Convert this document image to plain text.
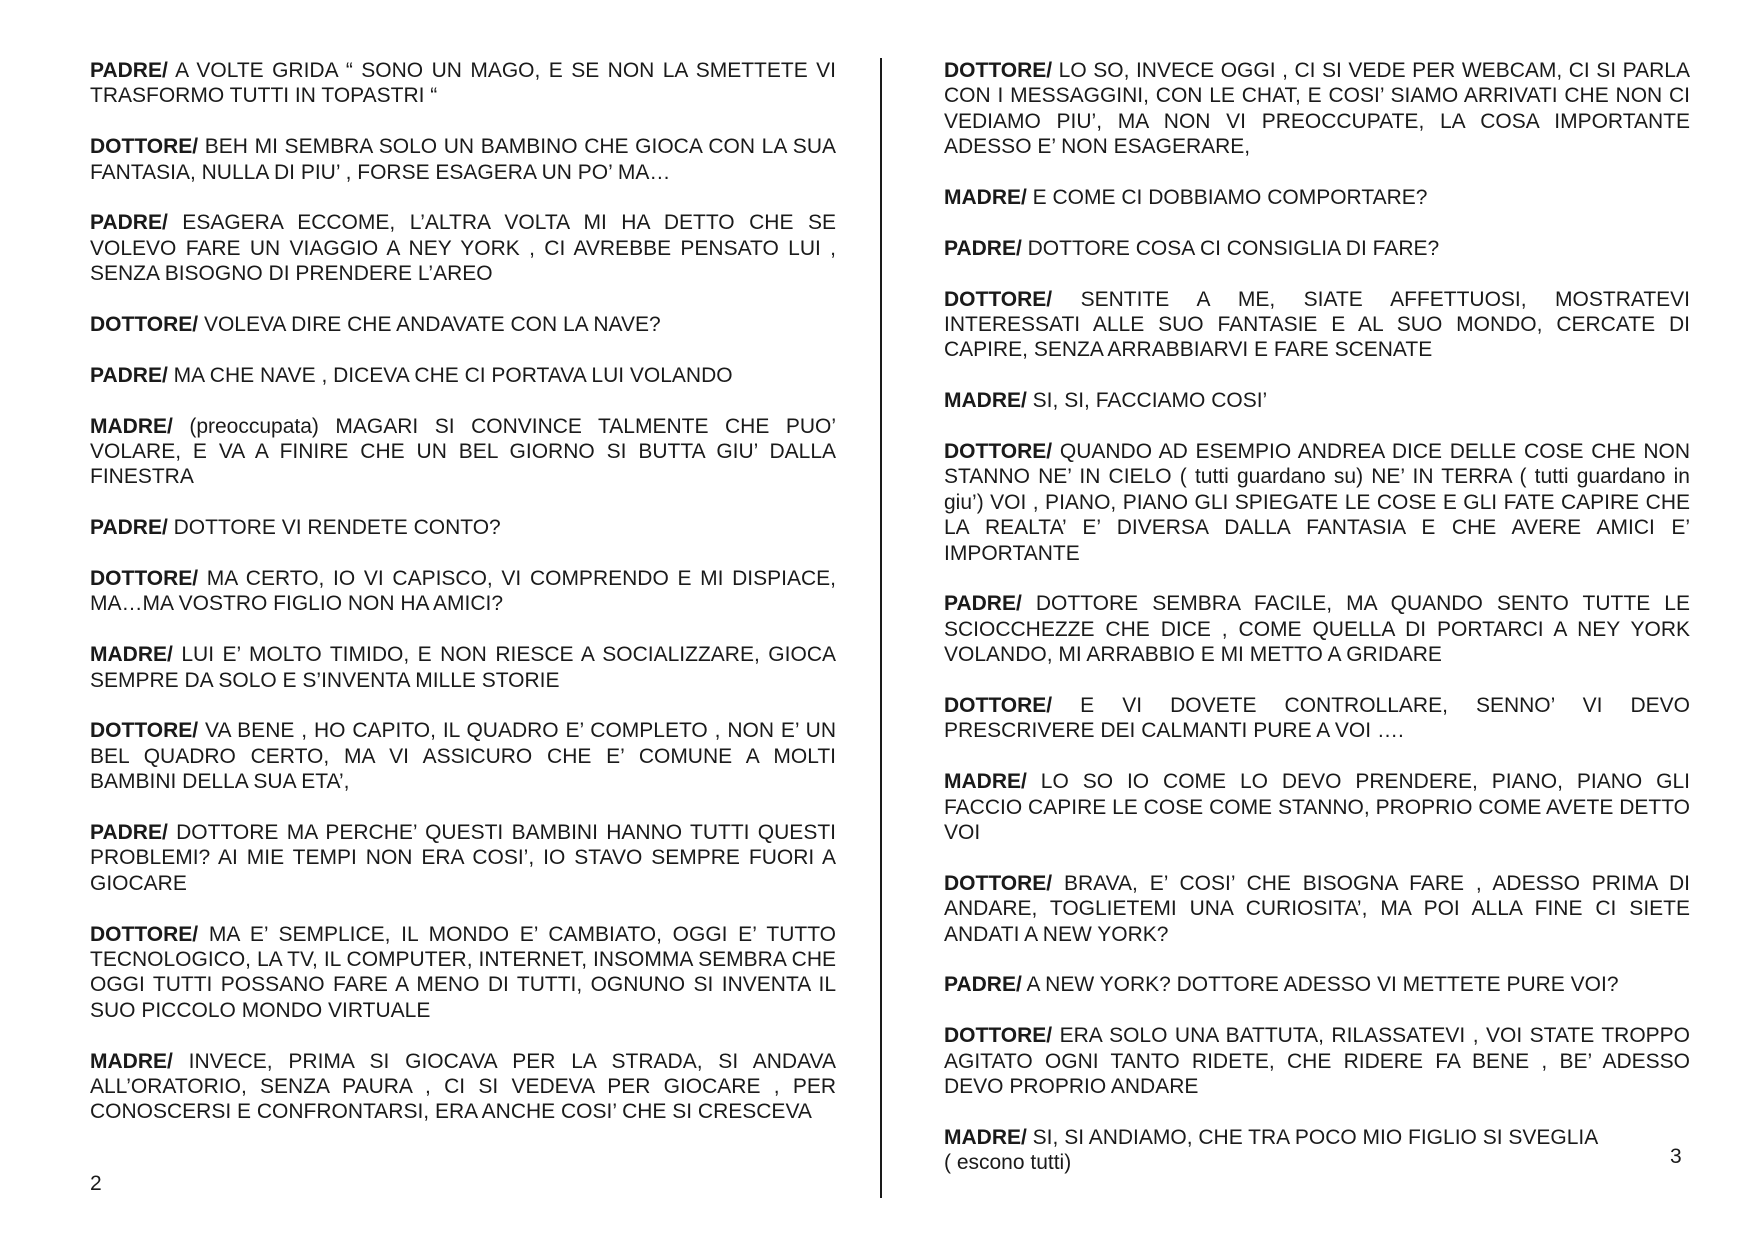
PADRE/ A VOLTE GRIDA “ SONO UN MAGO, E SE NON LA SMETTETE VI TRASFORMO TUTTI IN TOPASTRI “

DOTTORE/ BEH MI SEMBRA SOLO UN BAMBINO CHE GIOCA CON LA SUA FANTASIA, NULLA DI PIU’ , FORSE ESAGERA UN PO’ MA…

PADRE/ ESAGERA ECCOME, L’ALTRA VOLTA MI HA DETTO CHE SE VOLEVO FARE UN VIAGGIO A NEY YORK , CI AVREBBE PENSATO LUI , SENZA BISOGNO DI PRENDERE L’AREO

DOTTORE/ VOLEVA DIRE CHE ANDAVATE CON LA NAVE?

PADRE/ MA CHE NAVE , DICEVA CHE CI PORTAVA LUI VOLANDO

MADRE/ (preoccupata) MAGARI SI CONVINCE TALMENTE CHE PUO’ VOLARE, E VA A FINIRE CHE UN BEL GIORNO SI BUTTA GIU’ DALLA FINESTRA

PADRE/ DOTTORE VI RENDETE CONTO?

DOTTORE/ MA CERTO, IO VI CAPISCO, VI COMPRENDO E MI DISPIACE, MA…MA VOSTRO FIGLIO NON HA AMICI?

MADRE/ LUI E’ MOLTO TIMIDO, E NON RIESCE A SOCIALIZZARE, GIOCA SEMPRE DA SOLO E S’INVENTA MILLE STORIE

DOTTORE/ VA BENE , HO CAPITO, IL QUADRO E’ COMPLETO , NON E’ UN BEL QUADRO CERTO, MA VI ASSICURO CHE E’ COMUNE A MOLTI BAMBINI DELLA SUA ETA’,

PADRE/ DOTTORE MA PERCHE’ QUESTI BAMBINI HANNO TUTTI QUESTI PROBLEMI? AI MIE TEMPI NON ERA COSI’, IO STAVO SEMPRE FUORI A GIOCARE

DOTTORE/ MA E’ SEMPLICE, IL MONDO E’ CAMBIATO, OGGI E’ TUTTO TECNOLOGICO, LA TV, IL COMPUTER, INTERNET, INSOMMA SEMBRA CHE OGGI TUTTI POSSANO FARE A MENO DI TUTTI, OGNUNO SI INVENTA IL SUO PICCOLO MONDO VIRTUALE

MADRE/ INVECE, PRIMA SI GIOCAVA PER LA STRADA, SI ANDAVA ALL’ORATORIO, SENZA PAURA , CI SI VEDEVA PER GIOCARE , PER CONOSCERSI E CONFRONTARSI, ERA ANCHE COSI’ CHE SI CRESCEVA

DOTTORE/ LO SO, INVECE OGGI , CI SI VEDE PER WEBCAM, CI SI PARLA CON I MESSAGGINI, CON LE CHAT, E COSI’ SIAMO ARRIVATI CHE NON CI VEDIAMO PIU’, MA NON VI PREOCCUPATE, LA COSA IMPORTANTE ADESSO E’ NON ESAGERARE,

MADRE/ E COME CI DOBBIAMO COMPORTARE?

PADRE/ DOTTORE COSA CI CONSIGLIA DI FARE?

DOTTORE/ SENTITE A ME, SIATE AFFETTUOSI, MOSTRATEVI INTERESSATI ALLE SUO FANTASIE E AL SUO MONDO, CERCATE DI CAPIRE, SENZA ARRABBIARVI E FARE SCENATE

MADRE/ SI, SI, FACCIAMO COSI’

DOTTORE/ QUANDO AD ESEMPIO ANDREA DICE DELLE COSE CHE NON STANNO NE’ IN CIELO ( tutti guardano su) NE’ IN TERRA ( tutti guardano in giu’) VOI , PIANO, PIANO GLI SPIEGATE LE COSE E GLI FATE CAPIRE CHE LA REALTA’ E’ DIVERSA DALLA FANTASIA E CHE AVERE AMICI E’ IMPORTANTE

PADRE/ DOTTORE SEMBRA FACILE, MA QUANDO SENTO TUTTE LE SCIOCCHEZZE CHE DICE , COME QUELLA DI PORTARCI A NEY YORK VOLANDO, MI ARRABBIO E MI METTO A GRIDARE

DOTTORE/ E VI DOVETE CONTROLLARE, SENNO’ VI DEVO PRESCRIVERE DEI CALMANTI PURE A VOI ….

MADRE/ LO SO IO COME LO DEVO PRENDERE, PIANO, PIANO GLI FACCIO CAPIRE LE COSE COME STANNO, PROPRIO COME AVETE DETTO VOI

DOTTORE/ BRAVA, E’ COSI’ CHE BISOGNA FARE , ADESSO PRIMA DI ANDARE, TOGLIETEMI UNA CURIOSITA’, MA POI ALLA FINE CI SIETE ANDATI A NEW YORK?

PADRE/ A NEW YORK? DOTTORE ADESSO VI METTETE PURE VOI?

DOTTORE/ ERA SOLO UNA BATTUTA, RILASSATEVI , VOI STATE TROPPO AGITATO OGNI TANTO RIDETE, CHE RIDERE FA BENE , BE’ ADESSO DEVO PROPRIO ANDARE

MADRE/ SI, SI ANDIAMO, CHE TRA POCO MIO FIGLIO SI SVEGLIA
( escono tutti)

2
3
